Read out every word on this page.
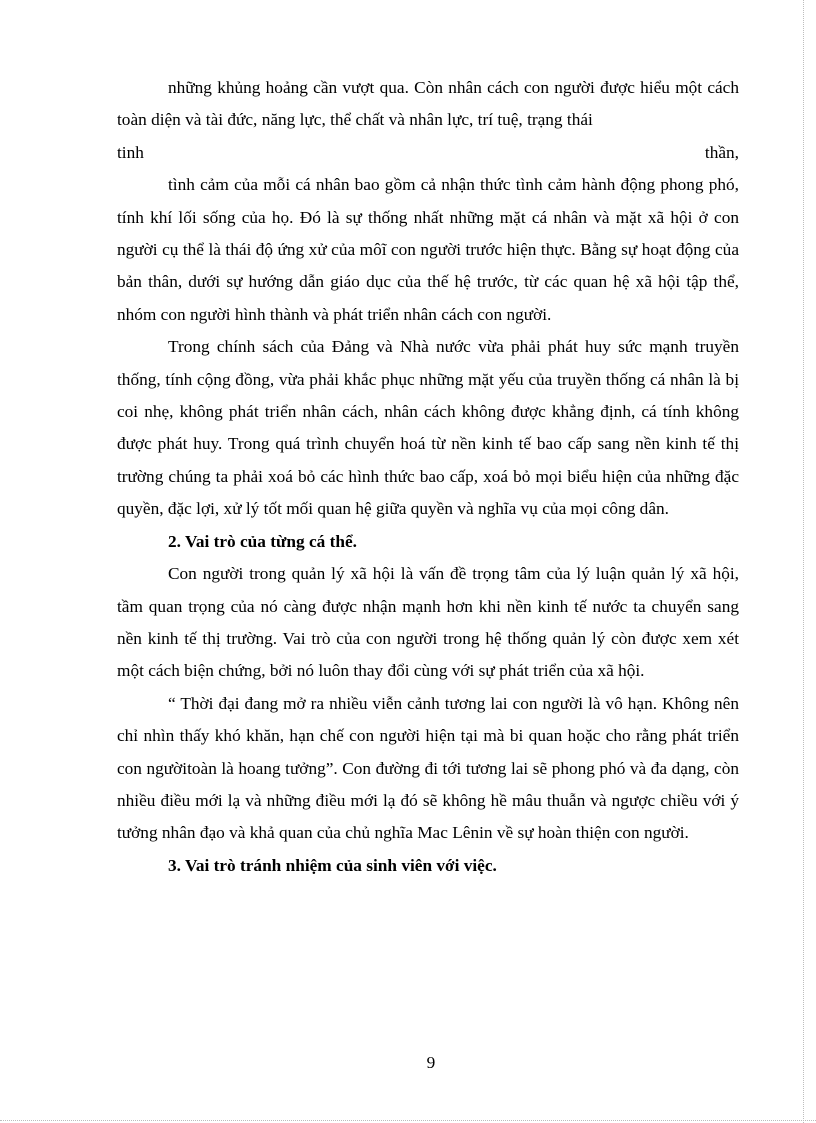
những khủng hoảng cần vượt qua. Còn nhân cách con người được hiểu một cách toàn diện và tài đức, năng lực, thể chất và nhân lực, trí tuệ, trạng thái

tinh	thần,

tình cảm của mỗi cá nhân bao gồm cả nhận thức tình cảm hành động phong phó, tính khí lối sống của họ. Đó là sự thống nhất những mặt cá nhân và mặt xã hội ở con người cụ thể là thái độ ứng xử của môĩ con người trước hiện thực. Bằng sự hoạt động của bản thân, dưới sự hướng dẫn giáo dục của thế hệ trước, từ các quan hệ xã hội tập thể, nhóm con người hình thành và phát triển nhân cách con người.

Trong chính sách của Đảng và Nhà nước vừa phải phát huy sức mạnh truyền thống, tính cộng đồng, vừa phải khắc phục những mặt yếu của truyền thống cá nhân là bị coi nhẹ, không phát triển nhân cách, nhân cách không được khẳng định, cá tính không được phát huy. Trong quá trình chuyển hoá từ nền kinh tế bao cấp sang nền kinh tế thị trường chúng ta phải xoá bỏ các hình thức bao cấp, xoá bỏ mọi biểu hiện của những đặc quyền, đặc lợi, xử lý tốt mối quan hệ giữa quyền và nghĩa vụ của mọi công dân.

2. Vai trò của từng cá thể.

Con người trong quản lý xã hội là vấn đề trọng tâm của lý luận quản lý xã hội, tầm quan trọng của nó càng được nhận mạnh hơn khi nền kinh tế nước ta chuyển sang nền kinh tế thị trường. Vai trò của con người trong hệ thống quản lý còn được xem xét một cách biện chứng, bởi nó luôn thay đổi cùng với sự phát triển của xã hội.

“ Thời đại đang mở ra nhiều viễn cảnh tương lai con người là vô hạn. Không nên chỉ nhìn thấy khó khăn, hạn chế con người hiện tại mà bi quan hoặc cho rằng phát triển con ngườitoàn là hoang tưởng”. Con đường đi tới tương lai sẽ phong phó và đa dạng, còn nhiều điều mới lạ và những điều mới lạ đó sẽ không hề mâu thuẫn và ngược chiều với ý tưởng nhân đạo và khả quan của chủ nghĩa Mac Lênin về sự hoàn thiện con người.

3. Vai trò tránh nhiệm của sinh viên với việc.

9
